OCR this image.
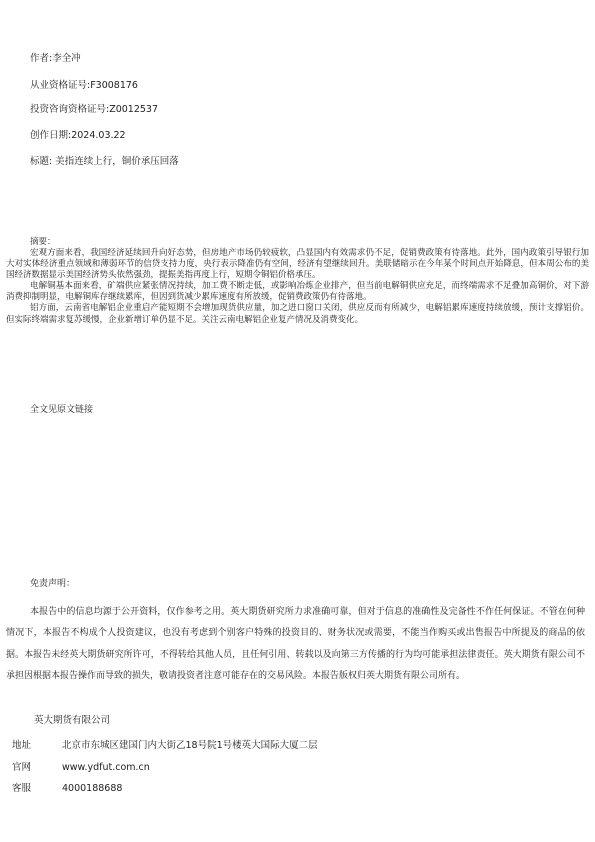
作者:李全冲
从业资格证号:F3008176
投资咨询资格证号:Z0012537
创作日期:2024.03.22
标题: 美指连续上行，铜价承压回落
摘要：

宏观方面来看，我国经济延续回升向好态势，但房地产市场仍较疲软，凸显国内有效需求仍不足，促销费政策有待落地。此外，国内政策引导银行加大对实体经济重点领域和薄弱环节的信贷支持力度，央行表示降准仍有空间，经济有望继续回升。美联储暗示在今年某个时间点开始降息，但本周公布的美国经济数据显示美国经济势头依然强劲，提振美指再度上行，短期令铜铝价格承压。

电解铜基本面来看，矿端供应紧张情况持续，加工费不断走低，或影响冶炼企业排产，但当前电解铜供应充足，而终端需求不足叠加高铜价，对下游消费抑制明显，电解铜库存继续累库，但因到货减少累库速度有所放缓，促销费政策仍有待落地。

铝方面，云南省电解铝企业重启产能短期不会增加现货供应量，加之进口窗口关闭，供应反而有所减少，电解铝累库速度持续放缓，预计支撑铝价。但实际终端需求复苏缓慢，企业新增订单仍显不足。关注云南电解铝企业复产情况及消费变化。

全文见原文链接
免责声明：

本报告中的信息均源于公开资料，仅作参考之用。英大期货研究所力求准确可靠，但对于信息的准确性及完备性不作任何保证。不管在何种情况下，本报告不构成个人投资建议，也没有考虑到个别客户特殊的投资目的、财务状况或需要，不能当作购买或出售报告中所提及的商品的依据。本报告未经英大期货研究所许可，不得转给其他人员，且任何引用、转载以及向第三方传播的行为均可能承担法律责任。英大期货有限公司不承担因根据本报告操作而导致的损失，敬请投资者注意可能存在的交易风险。本报告版权归英大期货有限公司所有。

英大期货有限公司
地址	北京市东城区建国门内大街乙18号院1号楼英大国际大厦二层
官网	www.ydfut.com.cn
客服	4000188688
